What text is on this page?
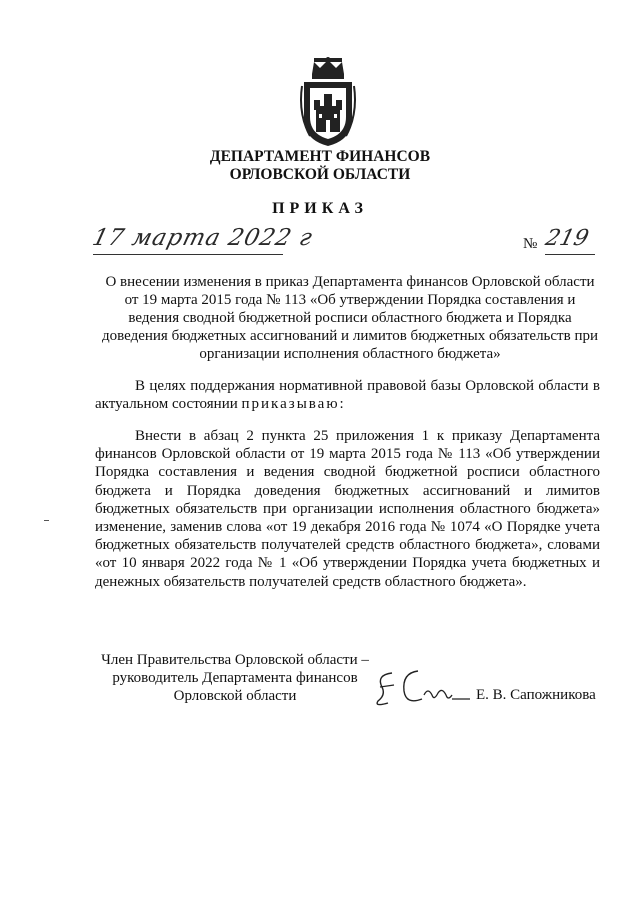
ДЕПАРТАМЕНТ ФИНАНСОВ
ОРЛОВСКОЙ ОБЛАСТИ
ПРИКАЗ
17 марта 2022 г	№ 219
О внесении изменения в приказ Департамента финансов Орловской области
от 19 марта 2015 года № 113 «Об утверждении Порядка составления и
ведения сводной бюджетной росписи областного бюджета и Порядка
доведения бюджетных ассигнований и лимитов бюджетных обязательств при
организации исполнения областного бюджета»
В целях поддержания нормативной правовой базы Орловской области в актуальном состоянии приказываю:
Внести в абзац 2 пункта 25 приложения 1 к приказу Департамента финансов Орловской области от 19 марта 2015 года № 113 «Об утверждении Порядка составления и ведения сводной бюджетной росписи областного бюджета и Порядка доведения бюджетных ассигнований и лимитов бюджетных обязательств при организации исполнения областного бюджета» изменение, заменив слова «от 19 декабря 2016 года № 1074 «О Порядке учета бюджетных обязательств получателей средств областного бюджета», словами «от 10 января 2022 года № 1 «Об утверждении Порядка учета бюджетных и денежных обязательств получателей средств областного бюджета».
Член Правительства Орловской области –
руководитель Департамента финансов
Орловской области	Е. В. Сапожникова
